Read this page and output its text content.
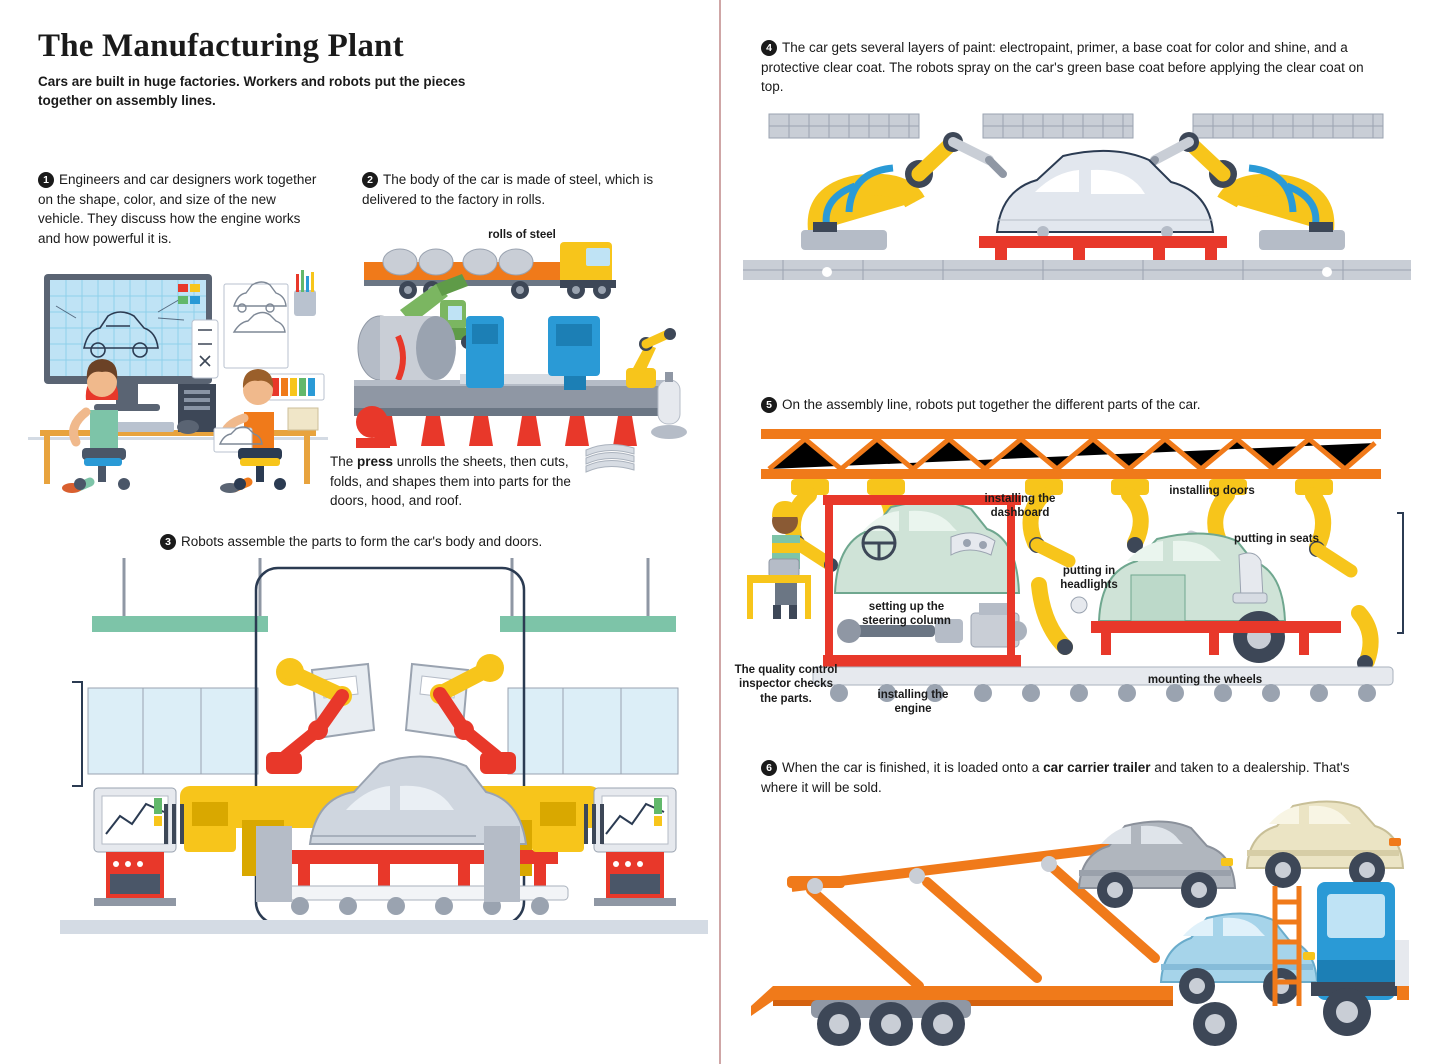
The Manufacturing Plant

Cars are built in huge factories. Workers and robots put the pieces together on assembly lines.

1 Engineers and car designers work together on the shape, color, and size of the new vehicle. They discuss how the engine works and how powerful it is.
2 The body of the car is made of steel, which is delivered to the factory in rolls.
rolls of steel
The press unrolls the sheets, then cuts, folds, and shapes them into parts for the doors, hood, and roof.
3 Robots assemble the parts to form the car's body and doors.
4 The car gets several layers of paint: electropaint, primer, a base coat for color and shine, and a protective clear coat. The robots spray on the car's green base coat before applying the clear coat on top.
5 On the assembly line, robots put together the different parts of the car.
installing the dashboard
installing doors
putting in seats
putting in headlights
setting up the steering column
installing the engine
mounting the wheels
The quality control inspector checks the parts.
6 When the car is finished, it is loaded onto a car carrier trailer and taken to a dealership. That's where it will be sold.
